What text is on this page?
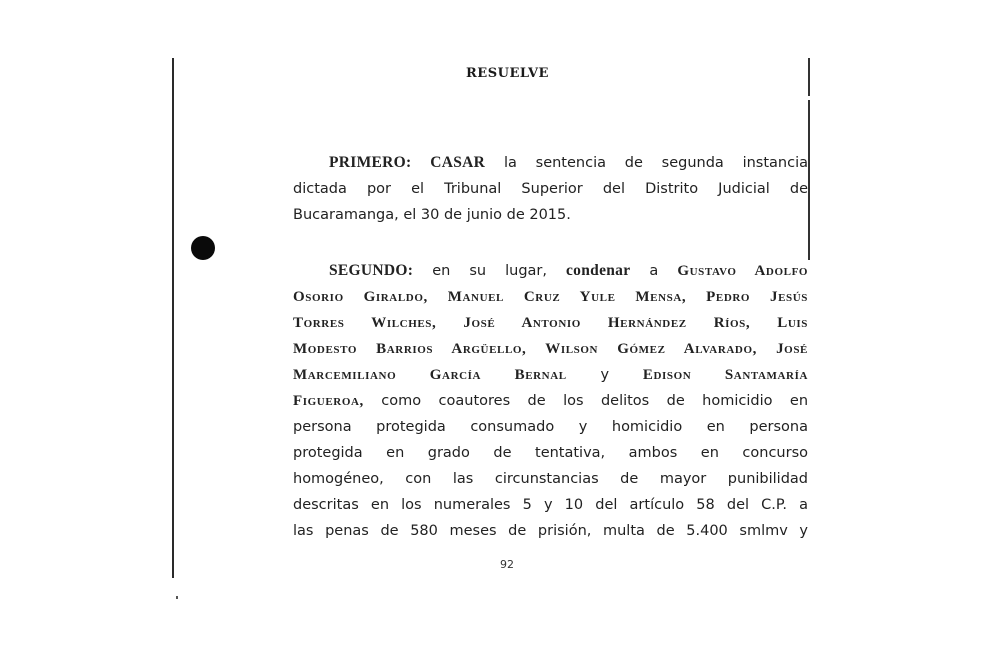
RESUELVE
PRIMERO: CASAR la sentencia de segunda instancia
dictada por el Tribunal Superior del Distrito Judicial de
Bucaramanga, el 30 de junio de 2015.
SEGUNDO: en su lugar, condenar a Gustavo Adolfo
Osorio Giraldo, Manuel Cruz Yule Mensa, Pedro Jesús
Torres Wilches, José Antonio Hernández Ríos, Luis
Modesto Barrios Argüello, Wilson Gómez Alvarado, José
Marcemiliano García Bernal y Edison Santamaría
Figueroa, como coautores de los delitos de homicidio en
persona protegida consumado y homicidio en persona
protegida en grado de tentativa, ambos en concurso
homogéneo, con las circunstancias de mayor punibilidad
descritas en los numerales 5 y 10 del artículo 58 del C.P. a
las penas de 580 meses de prisión, multa de 5.400 smlmv y
92
